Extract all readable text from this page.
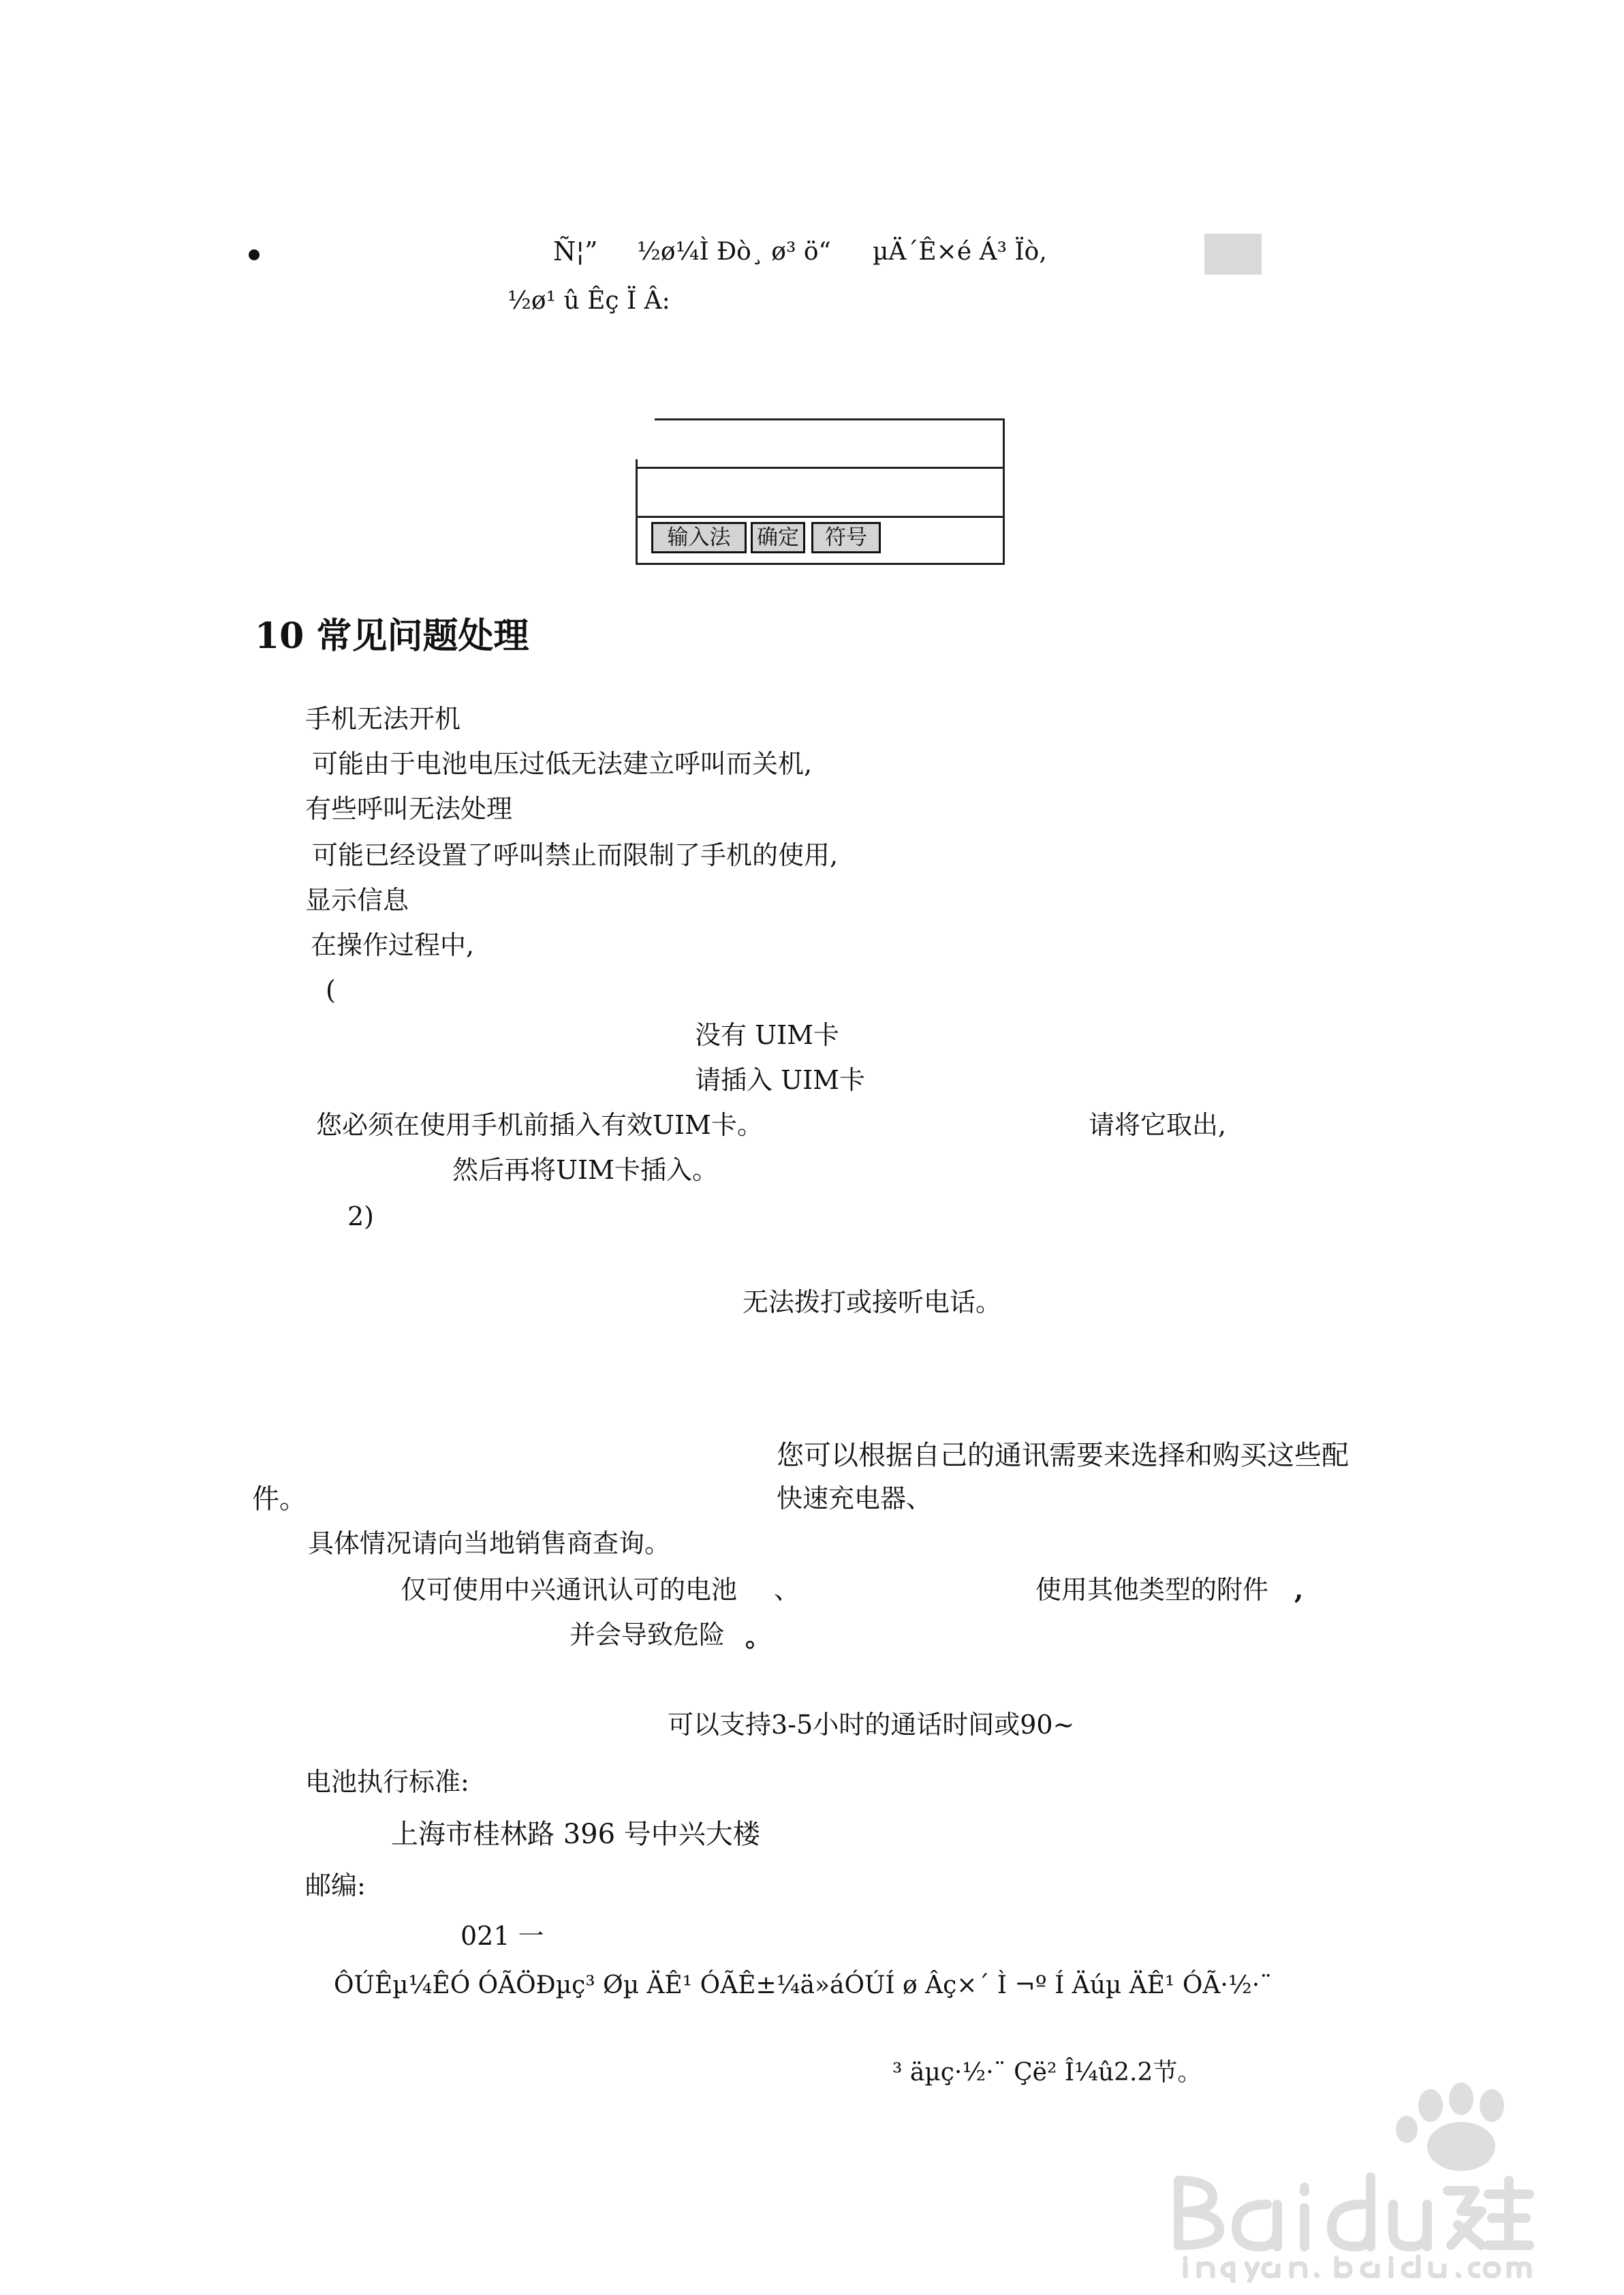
Ñ¦” ½ø¼Ì Ðò¸ ø³ ö“ µÄ´Ê×é Á³ Ïò,
½ø¹ û Êç Ï Â:
输入法	确定	符号
10 常见问题处理
手机无法开机
可能由于电池电压过低无法建立呼叫而关机,
有些呼叫无法处理
可能已经设置了呼叫禁止而限制了手机的使用,
显示信息
在操作过程中,
(
没有 UIM卡
请插入 UIM卡
您必须在使用手机前插入有效UIM卡。	请将它取出,
然后再将UIM卡插入。
2)
无法拨打或接听电话。
您可以根据自己的通讯需要来选择和购买这些配
件。	快速充电器、
具体情况请向当地销售商查询。
仅可使用中兴通讯认可的电池 、	使用其他类型的附件 ,
并会导致危险 。
可以支持3-5小时的通话时间或90~
电池执行标准:
上海市桂林路 396 号中兴大楼
邮编:
021 一
ÔÚÊµ¼ÊÓ ÓÃÖÐµç³ Øµ ÄÊ¹ ÓÃÊ±¼ä»áÓÚÍ ø Âç×´ Ì ¬º Í Äúµ ÄÊ¹ ÓÃ·½·¨
³ äµç·½·¨ Çë² Î¼û2.2节。
